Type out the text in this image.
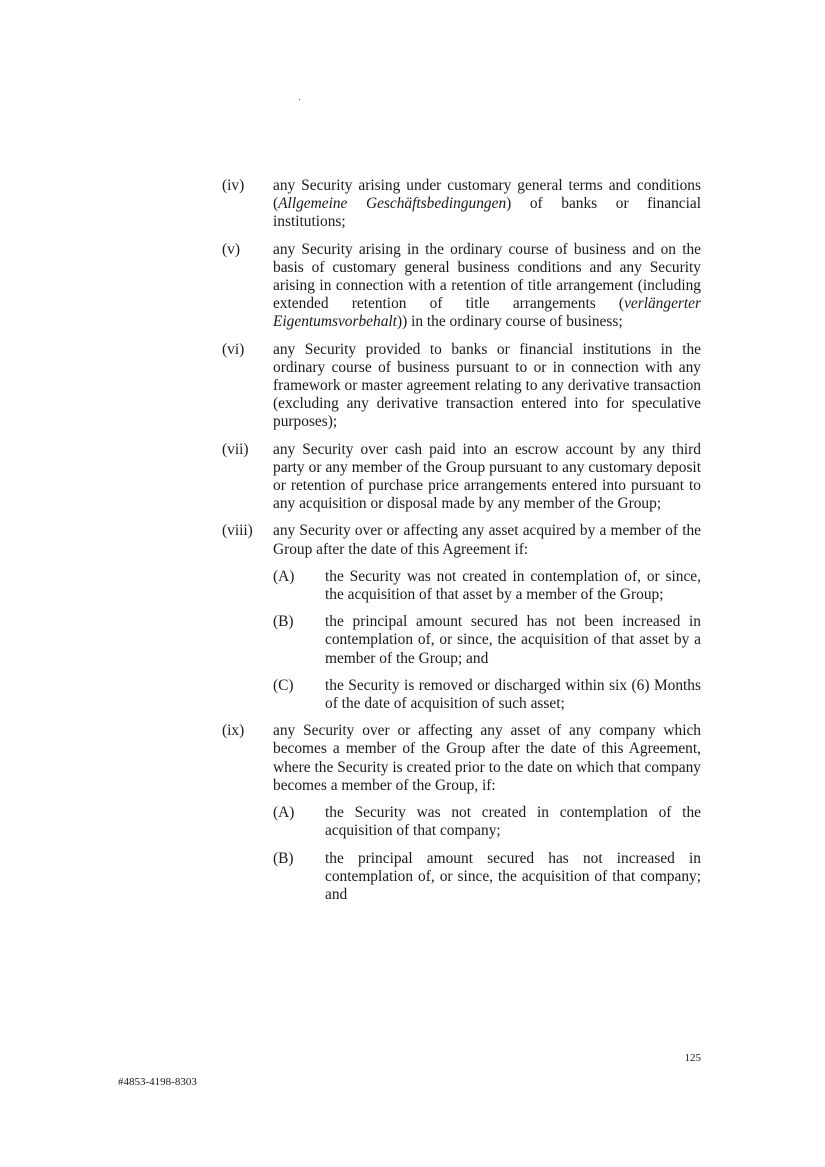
(iv)	any Security arising under customary general terms and conditions (Allgemeine Geschäftsbedingungen) of banks or financial institutions;
(v)	any Security arising in the ordinary course of business and on the basis of customary general business conditions and any Security arising in connection with a retention of title arrangement (including extended retention of title arrangements (verlängerter Eigentumsvorbehalt)) in the ordinary course of business;
(vi)	any Security provided to banks or financial institutions in the ordinary course of business pursuant to or in connection with any framework or master agreement relating to any derivative transaction (excluding any derivative transaction entered into for speculative purposes);
(vii)	any Security over cash paid into an escrow account by any third party or any member of the Group pursuant to any customary deposit or retention of purchase price arrangements entered into pursuant to any acquisition or disposal made by any member of the Group;
(viii)	any Security over or affecting any asset acquired by a member of the Group after the date of this Agreement if:
(A)	the Security was not created in contemplation of, or since, the acquisition of that asset by a member of the Group;
(B)	the principal amount secured has not been increased in contemplation of, or since, the acquisition of that asset by a member of the Group; and
(C)	the Security is removed or discharged within six (6) Months of the date of acquisition of such asset;
(ix)	any Security over or affecting any asset of any company which becomes a member of the Group after the date of this Agreement, where the Security is created prior to the date on which that company becomes a member of the Group, if:
(A)	the Security was not created in contemplation of the acquisition of that company;
(B)	the principal amount secured has not increased in contemplation of, or since, the acquisition of that company; and
125
#4853-4198-8303
